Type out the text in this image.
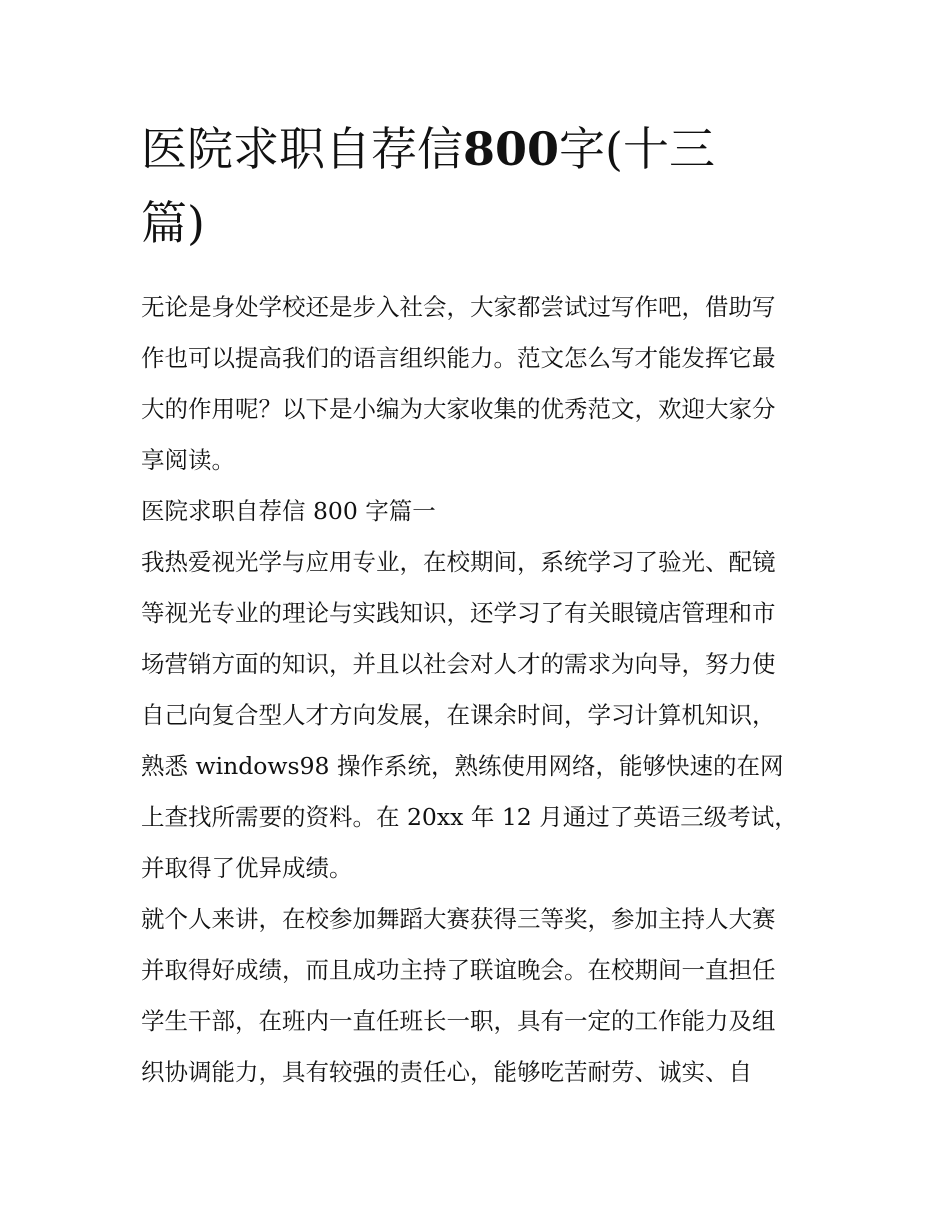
医院求职自荐信800字(十三
篇)
无论是身处学校还是步入社会，大家都尝试过写作吧，借助写
作也可以提高我们的语言组织能力。范文怎么写才能发挥它最
大的作用呢？以下是小编为大家收集的优秀范文，欢迎大家分
享阅读。
医院求职自荐信 800 字篇一
我热爱视光学与应用专业，在校期间，系统学习了验光、配镜
等视光专业的理论与实践知识，还学习了有关眼镜店管理和市
场营销方面的知识，并且以社会对人才的需求为向导，努力使
自己向复合型人才方向发展，在课余时间，学习计算机知识，
熟悉 windows98 操作系统，熟练使用网络，能够快速的在网
上查找所需要的资料。在 20xx 年 12 月通过了英语三级考试，
并取得了优异成绩。
就个人来讲，在校参加舞蹈大赛获得三等奖，参加主持人大赛
并取得好成绩，而且成功主持了联谊晚会。在校期间一直担任
学生干部，在班内一直任班长一职，具有一定的工作能力及组
织协调能力，具有较强的责任心，能够吃苦耐劳、诚实、自
